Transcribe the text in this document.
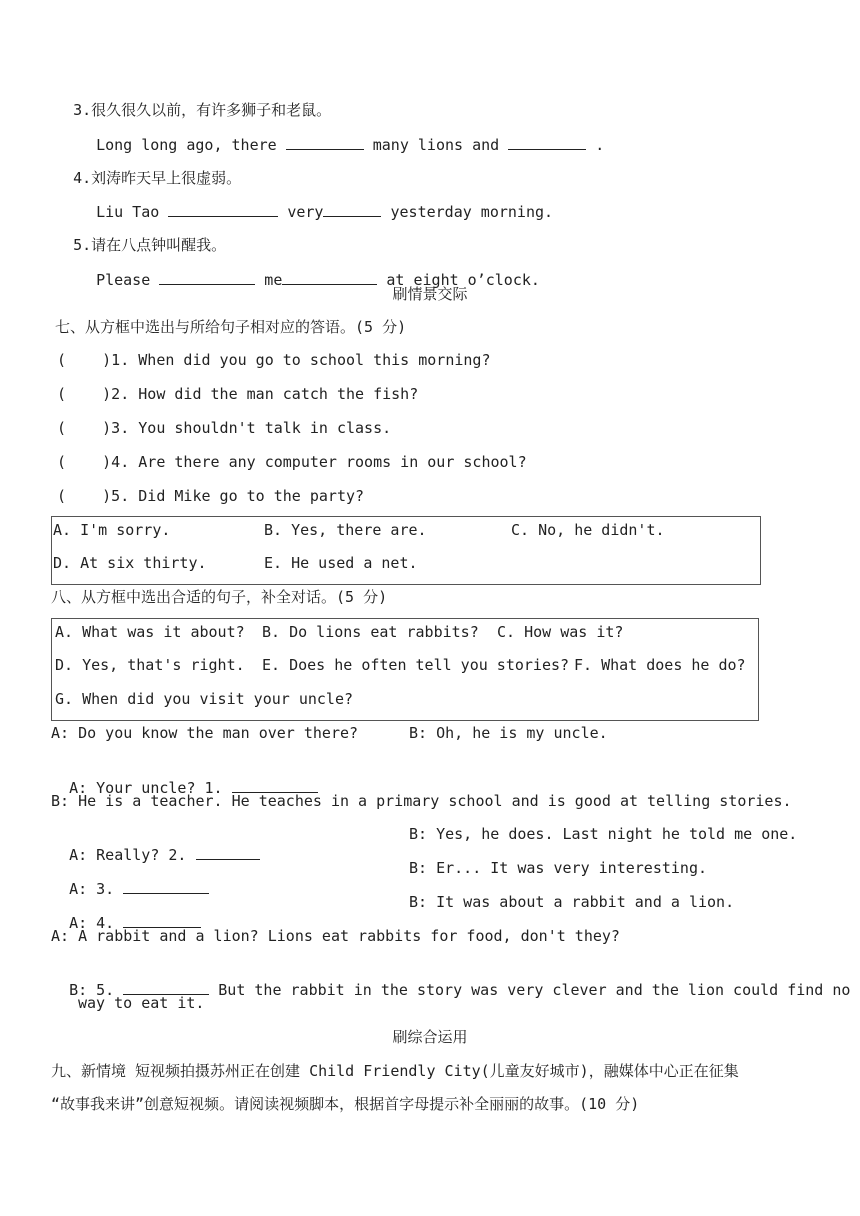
3.很久很久以前，有许多狮子和老鼠。

Long long ago, there	many lions and	.

4.刘涛昨天早上很虚弱。

Liu Tao	very	yesterday morning.

5.请在八点钟叫醒我。

Please	me	at eight o’clock.

刷情景交际
七、从方框中选出与所给句子相对应的答语。(5 分)
(    )1. When did you go to school this morning?
(    )2. How did the man catch the fish?
(    )3. You shouldn't talk in class.
(    )4. Are there any computer rooms in our school?
(    )5. Did Mike go to the party?
A. I'm sorry.	B. Yes, there are.	C. No, he didn't.
D. At six thirty.	E. He used a net.
八、从方框中选出合适的句子，补全对话。(5 分)
A. What was it about? B. Do lions eat rabbits? C. How was it?
D. Yes, that's right. E. Does he often tell you stories? F. What does he do?
G. When did you visit your uncle?
A: Do you know the man over there?	B: Oh, he is my uncle.

A: Your uncle? 1.

B: He is a teacher. He teaches in a primary school and is good at telling stories.

A: Really? 2.

B: Yes, he does. Last night he told me one.

A: 3.

B: Er... It was very interesting.

A: 4.

B: It was about a rabbit and a lion.
A: A rabbit and a lion? Lions eat rabbits for food, don't they?

B: 5.	But the rabbit in the story was very clever and the lion could find no

way to eat it.
刷综合运用
九、新情境 短视频拍摄苏州正在创建 Child Friendly City(儿童友好城市)，融媒体中心正在征集
“故事我来讲”创意短视频。请阅读视频脚本，根据首字母提示补全丽丽的故事。(10 分)
